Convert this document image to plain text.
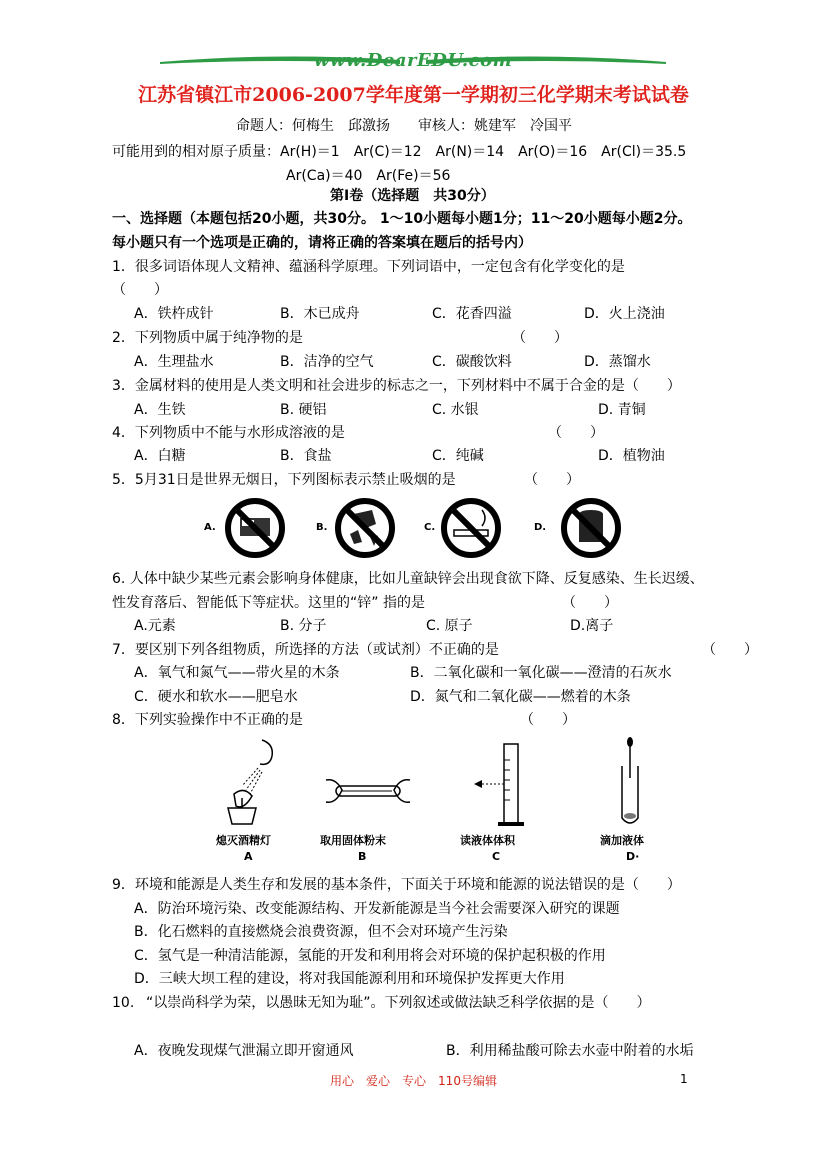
www.DearEDU.com
江苏省镇江市2006-2007学年度第一学期初三化学期末考试试卷
命题人：何梅生　邱激扬　　审核人：姚建军　冷国平
可能用到的相对原子质量：Ar(H)＝1　Ar(C)＝12　Ar(N)＝14　Ar(O)＝16　Ar(Cl)＝35.5
Ar(Ca)＝40　Ar(Fe)＝56
第Ⅰ卷（选择题　共30分）
一、选择题（本题包括20小题，共30分。 1～10小题每小题1分；11～20小题每小题2分。
每小题只有一个选项是正确的，请将正确的答案填在题后的括号内）
1．很多词语体现人文精神、蕴涵科学原理。下列词语中，一定包含有化学变化的是
（　　）
A．铁杵成针	B．木已成舟	C．花香四溢	D．火上浇油
2．下列物质中属于纯净物的是	（　　）
A．生理盐水	B．洁净的空气	C．碳酸饮料	D．蒸馏水
3．金属材料的使用是人类文明和社会进步的标志之一，下列材料中不属于合金的是（　　）
A．生铁	B. 硬铝	C. 水银	D. 青铜
4．下列物质中不能与水形成溶液的是	（　　）
A．白糖	B．食盐	C．纯碱	D．植物油
5．5月31日是世界无烟日，下列图标表示禁止吸烟的是	（　　）
A.	B.	C.	D.
6. 人体中缺少某些元素会影响身体健康，比如儿童缺锌会出现食欲下降、反复感染、生长迟缓、
性发育落后、智能低下等症状。这里的“锌” 指的是	（　　）
A.元素	B. 分子	C. 原子	D.离子
7．要区别下列各组物质，所选择的方法（或试剂）不正确的是	（　　）
A．氧气和氮气——带火星的木条	B．二氧化碳和一氧化碳——澄清的石灰水
C．硬水和软水——肥皂水	D．氮气和二氧化碳——燃着的木条
8．下列实验操作中不正确的是	（　　）
熄灭酒精灯
A
取用固体粉末
B
读液体体积
C
滴加液体
D·
9．环境和能源是人类生存和发展的基本条件，下面关于环境和能源的说法错误的是（　　）
A．防治环境污染、改变能源结构、开发新能源是当今社会需要深入研究的课题
B．化石燃料的直接燃烧会浪费资源，但不会对环境产生污染
C．氢气是一种清洁能源，氢能的开发和利用将会对环境的保护起积极的作用
D．三峡大坝工程的建设，将对我国能源利用和环境保护发挥更大作用
10. “以崇尚科学为荣，以愚昧无知为耻”。下列叙述或做法缺乏科学依据的是（　　）
A．夜晚发现煤气泄漏立即开窗通风	B．利用稀盐酸可除去水壶中附着的水垢
用心　爱心　专心　110号编辑	1
